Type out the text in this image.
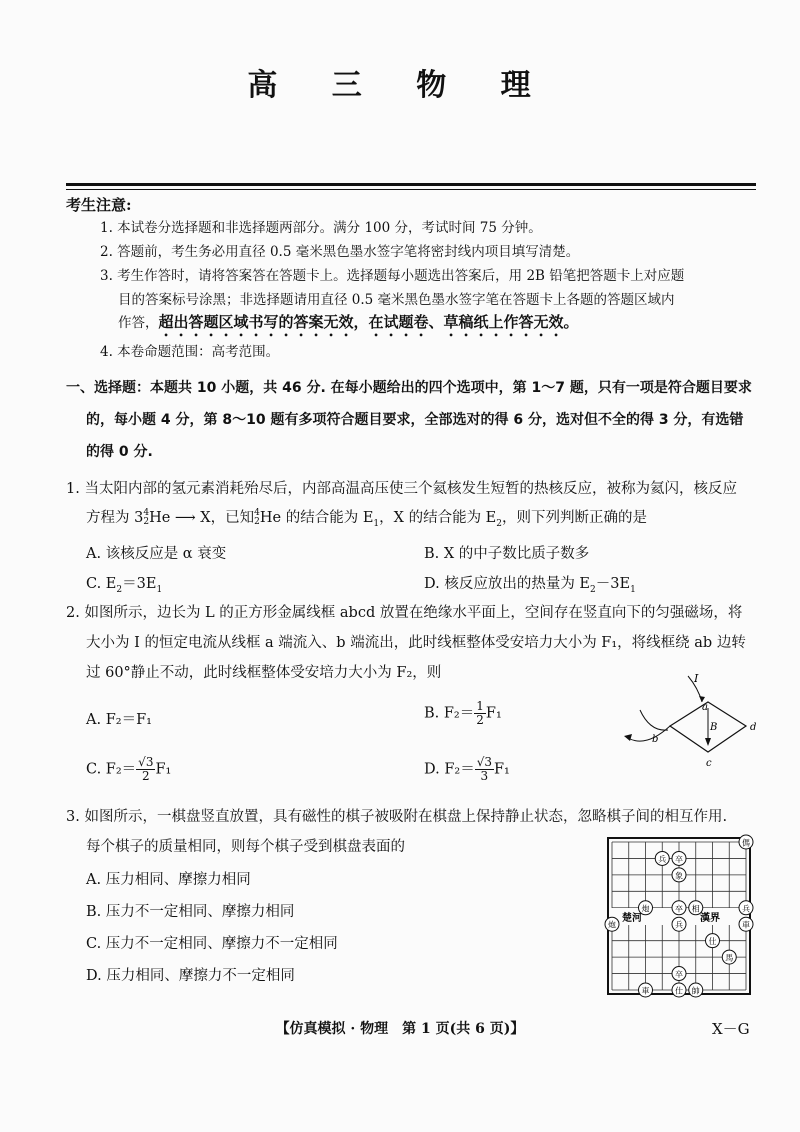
高 三 物 理
考生注意:
1. 本试卷分选择题和非选择题两部分。满分 100 分，考试时间 75 分钟。
2. 答题前，考生务必用直径 0.5 毫米黑色墨水签字笔将密封线内项目填写清楚。
3. 考生作答时，请将答案答在答题卡上。选择题每小题选出答案后，用 2B 铅笔把答题卡上对应题
目的答案标号涂黑；非选择题请用直径 0.5 毫米黑色墨水签字笔在答题卡上各题的答题区域内
作答，超出答题区域书写的答案无效，在试题卷、草稿纸上作答无效。
4. 本卷命题范围：高考范围。
一、选择题：本题共 10 小题，共 46 分. 在每小题给出的四个选项中，第 1～7 题，只有一项是符合题目要求
的，每小题 4 分，第 8～10 题有多项符合题目要求，全部选对的得 6 分，选对但不全的得 3 分，有选错
的得 0 分.
1. 当太阳内部的氢元素消耗殆尽后，内部高温高压使三个氦核发生短暂的热核反应，被称为氦闪，核反应
方程为 3 4
2 He ⟶ X，已知 4
2 He 的结合能为 $E_1$，X 的结合能为 $E_2$，则下列判断正确的是
A. 该核反应是 α 衰变	B. X 的中子数比质子数多
C. $E_2=3E_1$	D. 核反应放出的热量为 $E_2-3E_1$
2. 如图所示，边长为 L 的正方形金属线框 abcd 放置在绝缘水平面上，空间存在竖直向下的匀强磁场，将
大小为 I 的恒定电流从线框 a 端流入、b 端流出，此时线框整体受安培力大小为 F₁，将线框绕 ab 边转
过 60°静止不动，此时线框整体受安培力大小为 F₂，则
A. F₂＝F₁	B. $F_2= \frac{1}{2} F_1$
C. $F_2= \frac{√3}{2} F_1$	D. $F_2= \frac{√3}{3} F_1$
I
a
B	d
b
c
3. 如图所示，一棋盘竖直放置，具有磁性的棋子被吸附在棋盘上保持静止状态，忽略棋子间的相互作用.
每个棋子的质量相同，则每个棋子受到棋盘表面的
A. 压力相同、摩擦力相同
B. 压力不一定相同、摩擦力相同
C. 压力不一定相同、摩擦力不一定相同
D. 压力相同、摩擦力不一定相同
楚河	漢界
炮
傌
兵 卒
象
炮
兵
卒 相
車
兵
卒
車
仕
帥
馬
仕
【仿真模拟 · 物理　第 1 页(共 6 页)】	X－G
